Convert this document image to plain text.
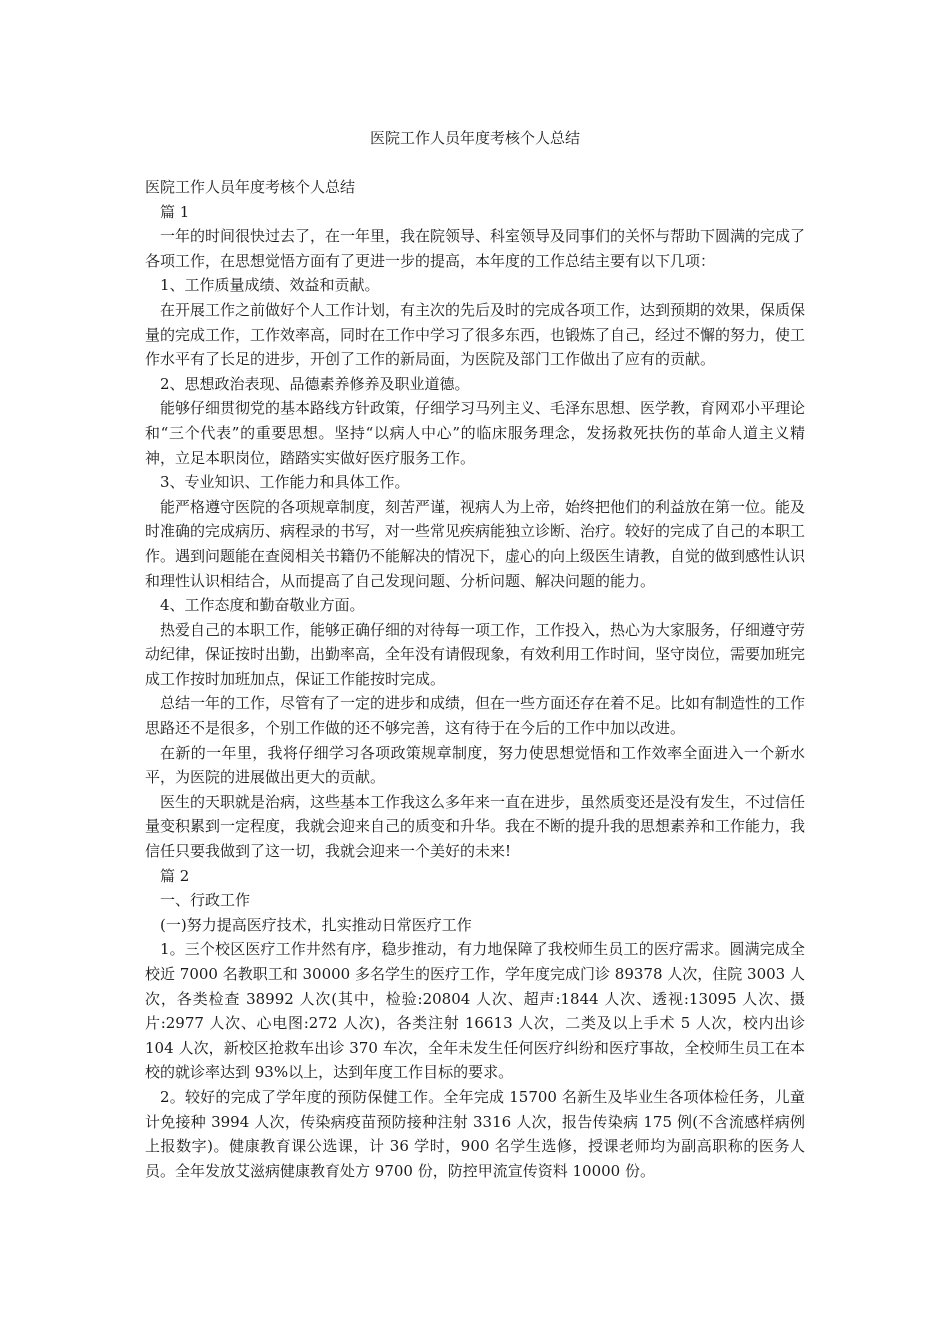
医院工作人员年度考核个人总结

医院工作人员年度考核个人总结

篇 1

一年的时间很快过去了，在一年里，我在院领导、科室领导及同事们的关怀与帮助下圆满的完成了各项工作，在思想觉悟方面有了更进一步的提高，本年度的工作总结主要有以下几项：

1、工作质量成绩、效益和贡献。

在开展工作之前做好个人工作计划，有主次的先后及时的完成各项工作，达到预期的效果，保质保量的完成工作，工作效率高，同时在工作中学习了很多东西，也锻炼了自己，经过不懈的努力，使工作水平有了长足的进步，开创了工作的新局面，为医院及部门工作做出了应有的贡献。

2、思想政治表现、品德素养修养及职业道德。

能够仔细贯彻党的基本路线方针政策，仔细学习马列主义、毛泽东思想、医学教，育网邓小平理论和“三个代表”的重要思想。坚持“以病人中心”的临床服务理念，发扬救死扶伤的革命人道主义精神，立足本职岗位，踏踏实实做好医疗服务工作。

3、专业知识、工作能力和具体工作。

能严格遵守医院的各项规章制度，刻苦严谨，视病人为上帝，始终把他们的利益放在第一位。能及时准确的完成病历、病程录的书写，对一些常见疾病能独立诊断、治疗。较好的完成了自己的本职工作。遇到问题能在查阅相关书籍仍不能解决的情况下，虚心的向上级医生请教，自觉的做到感性认识和理性认识相结合，从而提高了自己发现问题、分析问题、解决问题的能力。

4、工作态度和勤奋敬业方面。

热爱自己的本职工作，能够正确仔细的对待每一项工作，工作投入，热心为大家服务，仔细遵守劳动纪律，保证按时出勤，出勤率高，全年没有请假现象，有效利用工作时间，坚守岗位，需要加班完成工作按时加班加点，保证工作能按时完成。

总结一年的工作，尽管有了一定的进步和成绩，但在一些方面还存在着不足。比如有制造性的工作思路还不是很多，个别工作做的还不够完善，这有待于在今后的工作中加以改进。

在新的一年里，我将仔细学习各项政策规章制度，努力使思想觉悟和工作效率全面进入一个新水平，为医院的进展做出更大的贡献。

医生的天职就是治病，这些基本工作我这么多年来一直在进步，虽然质变还是没有发生，不过信任量变积累到一定程度，我就会迎来自己的质变和升华。我在不断的提升我的思想素养和工作能力，我信任只要我做到了这一切，我就会迎来一个美好的未来!

篇 2

一、行政工作

(一)努力提高医疗技术，扎实推动日常医疗工作

1。三个校区医疗工作井然有序，稳步推动，有力地保障了我校师生员工的医疗需求。圆满完成全校近 7000 名教职工和 30000 多名学生的医疗工作，学年度完成门诊 89378 人次，住院 3003 人次，各类检查 38992 人次(其中，检验:20804 人次、超声:1844 人次、透视:13095 人次、摄片:2977 人次、心电图:272 人次)，各类注射 16613 人次，二类及以上手术 5 人次，校内出诊 104 人次，新校区抢救车出诊 370 车次，全年未发生任何医疗纠纷和医疗事故，全校师生员工在本校的就诊率达到 93%以上，达到年度工作目标的要求。

2。较好的完成了学年度的预防保健工作。全年完成 15700 名新生及毕业生各项体检任务，儿童计免接种 3994 人次，传染病疫苗预防接种注射 3316 人次，报告传染病 175 例(不含流感样病例上报数字)。健康教育课公选课，计 36 学时，900 名学生选修，授课老师均为副高职称的医务人员。全年发放艾滋病健康教育处方 9700 份，防控甲流宣传资料 10000 份。
